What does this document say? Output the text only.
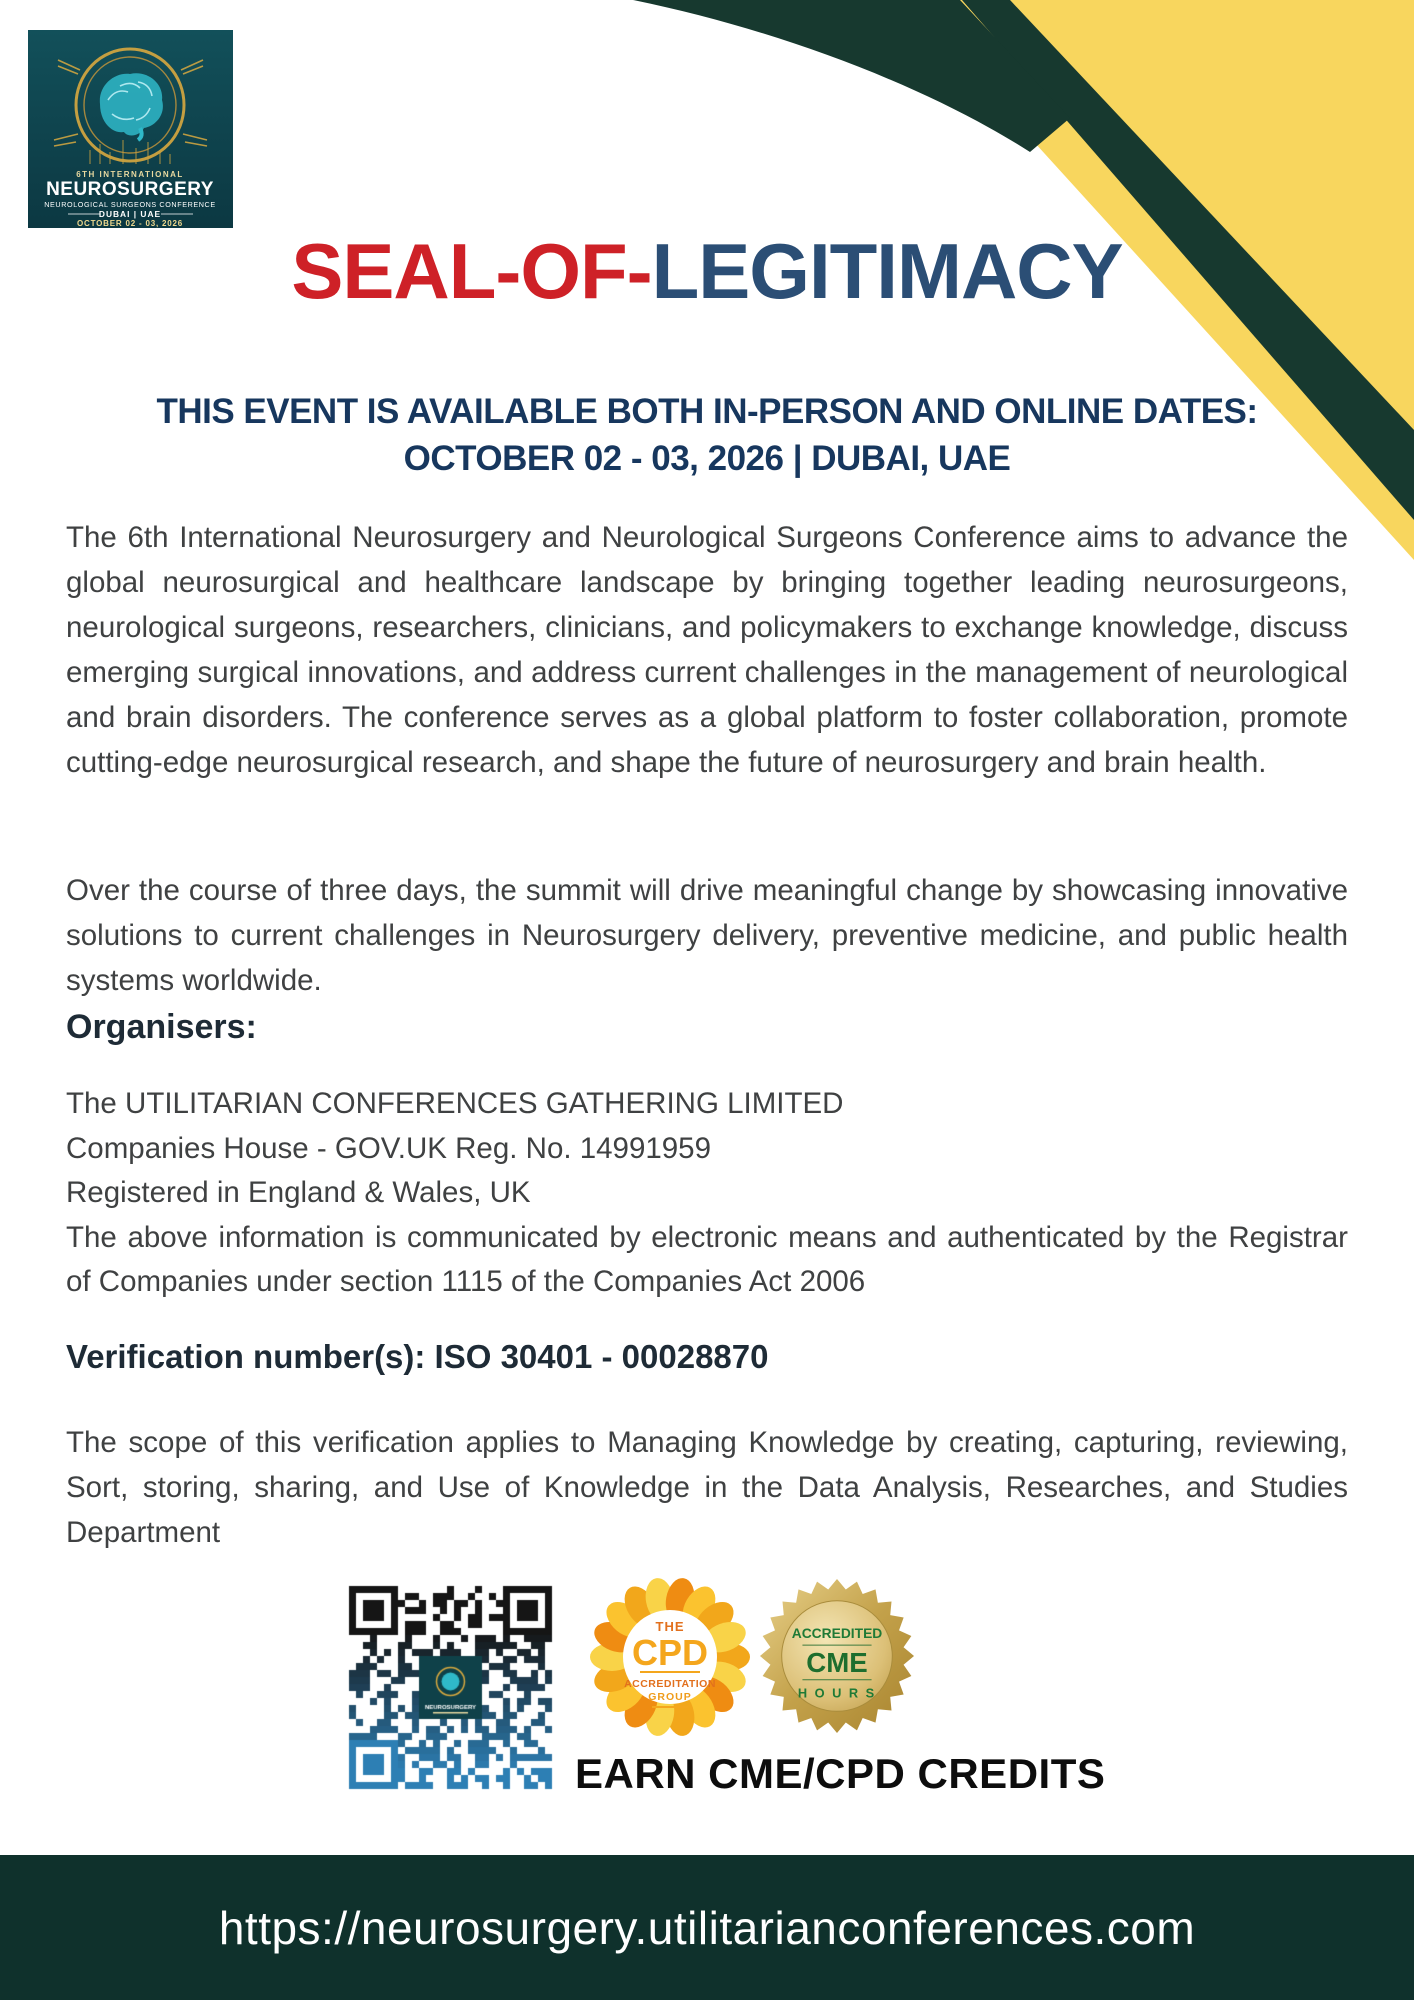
6TH INTERNATIONAL
NEUROSURGERY
NEUROLOGICAL SURGEONS CONFERENCE
DUBAI | UAE
OCTOBER 02 - 03, 2026
SEAL-OF-LEGITIMACY
THIS EVENT IS AVAILABLE BOTH IN-PERSON AND ONLINE DATES:
OCTOBER 02 - 03, 2026 | DUBAI, UAE
The 6th International Neurosurgery and Neurological Surgeons Conference aims to advance the global neurosurgical and healthcare landscape by bringing together leading neurosurgeons, neurological surgeons, researchers, clinicians, and policymakers to exchange knowledge, discuss emerging surgical innovations, and address current challenges in the management of neurological and brain disorders. The conference serves as a global platform to foster collaboration, promote cutting-edge neurosurgical research, and shape the future of neurosurgery and brain health.
Over the course of three days, the summit will drive meaningful change by showcasing innovative solutions to current challenges in Neurosurgery delivery, preventive medicine, and public health systems worldwide.
Organisers:
The UTILITARIAN CONFERENCES GATHERING LIMITED
Companies House - GOV.UK Reg. No. 14991959
Registered in England & Wales, UK
The above information is communicated by electronic means and authenticated by the Registrar of Companies under section 1115 of the Companies Act 2006
Verification number(s): ISO 30401 - 00028870
The scope of this verification applies to Managing Knowledge by creating, capturing, reviewing, Sort, storing, sharing, and Use of Knowledge in the Data Analysis, Researches, and Studies Department
THE
CPD
ACCREDITATION
GROUP
ACCREDITED
CME
H O U R S
EARN CME/CPD CREDITS
https://neurosurgery.utilitarianconferences.com
